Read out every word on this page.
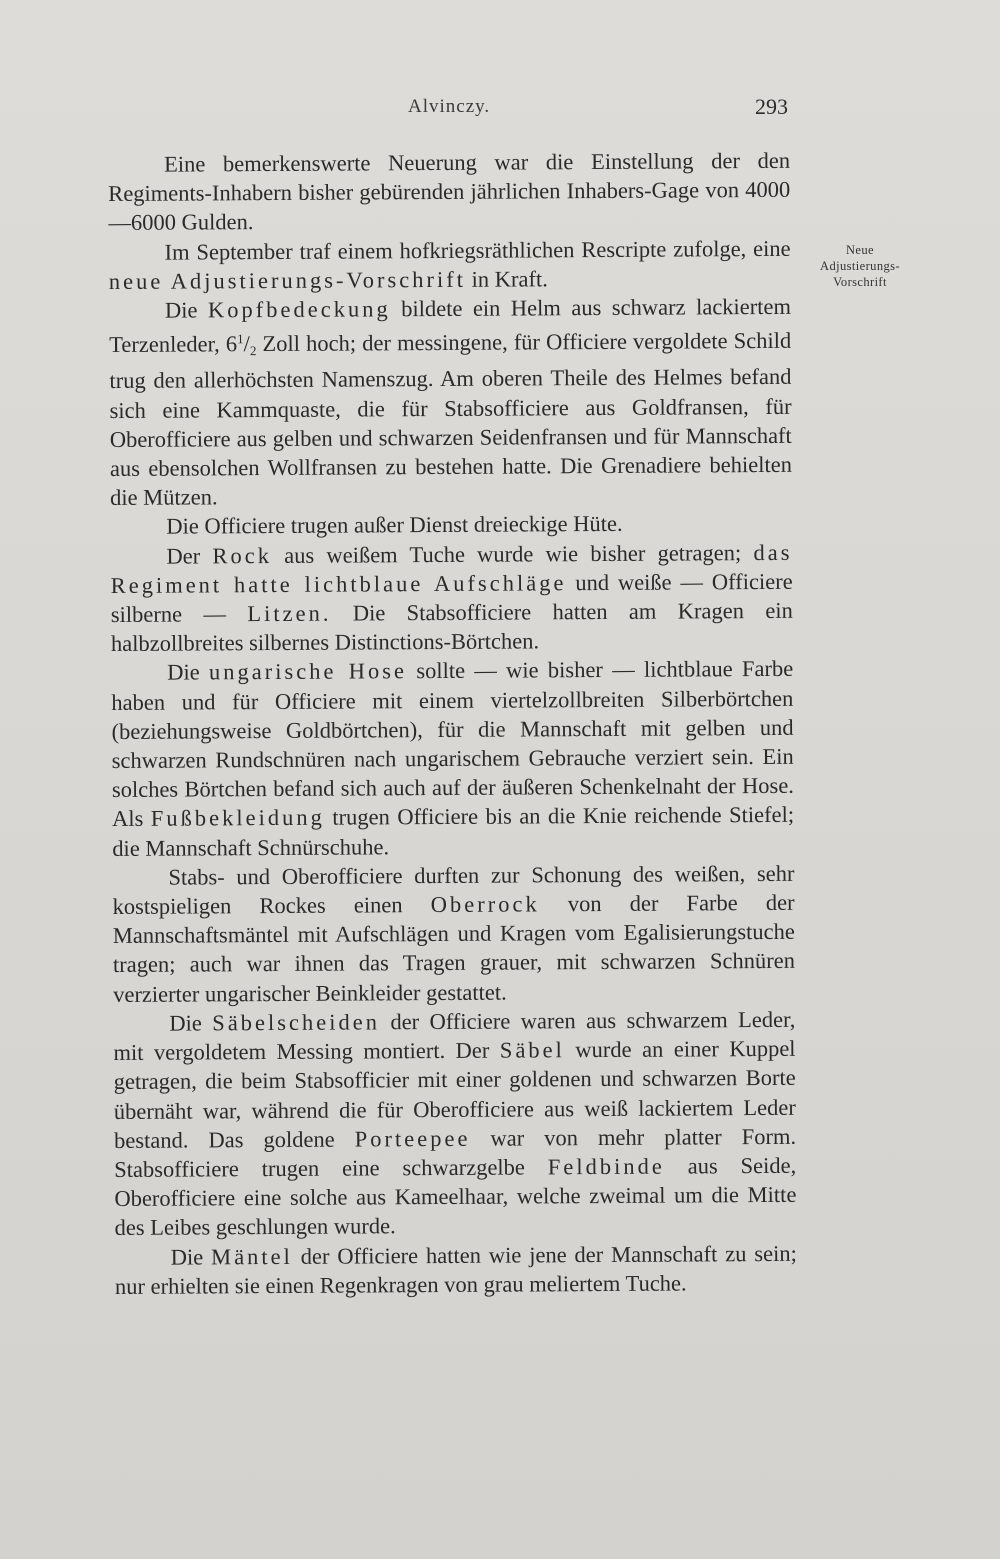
Alvinczy.	293
Neue
Adjustierungs-
Vorschrift

Eine bemerkenswerte Neuerung war die Einstellung der den Regiments-Inhabern bisher gebürenden jährlichen Inhabers-Gage von 4000—6000 Gulden.

Im September traf einem hofkriegsräthlichen Rescripte zufolge, eine neue Adjustierungs-Vorschrift in Kraft.

Die Kopfbedeckung bildete ein Helm aus schwarz lackiertem Terzenleder, $6^1/_2$ Zoll hoch; der messingene, für Officiere vergoldete Schild trug den allerhöchsten Namenszug. Am oberen Theile des Helmes befand sich eine Kammquaste, die für Stabsofficiere aus Goldfransen, für Oberofficiere aus gelben und schwarzen Seidenfransen und für Mannschaft aus ebensolchen Wollfransen zu bestehen hatte. Die Grenadiere behielten die Mützen.

Die Officiere trugen außer Dienst dreieckige Hüte.

Der Rock aus weißem Tuche wurde wie bisher getragen; das Regiment hatte lichtblaue Aufschläge und weiße — Officiere silberne — Litzen. Die Stabsofficiere hatten am Kragen ein halbzollbreites silbernes Distinctions-Börtchen.

Die ungarische Hose sollte — wie bisher — lichtblaue Farbe haben und für Officiere mit einem viertelzollbreiten Silberbörtchen (beziehungsweise Goldbörtchen), für die Mannschaft mit gelben und schwarzen Rundschnüren nach ungarischem Gebrauche verziert sein. Ein solches Börtchen befand sich auch auf der äußeren Schenkelnaht der Hose. Als Fußbekleidung trugen Officiere bis an die Knie reichende Stiefel; die Mannschaft Schnürschuhe.

Stabs- und Oberofficiere durften zur Schonung des weißen, sehr kostspieligen Rockes einen Oberrock von der Farbe der Mannschaftsmäntel mit Aufschlägen und Kragen vom Egalisierungstuche tragen; auch war ihnen das Tragen grauer, mit schwarzen Schnüren verzierter ungarischer Beinkleider gestattet.

Die Säbelscheiden der Officiere waren aus schwarzem Leder, mit vergoldetem Messing montiert. Der Säbel wurde an einer Kuppel getragen, die beim Stabsofficier mit einer goldenen und schwarzen Borte übernäht war, während die für Oberofficiere aus weiß lackiertem Leder bestand. Das goldene Porteepee war von mehr platter Form. Stabsofficiere trugen eine schwarzgelbe Feldbinde aus Seide, Oberofficiere eine solche aus Kameelhaar, welche zweimal um die Mitte des Leibes geschlungen wurde.

Die Mäntel der Officiere hatten wie jene der Mannschaft zu sein; nur erhielten sie einen Regenkragen von grau meliertem Tuche.
